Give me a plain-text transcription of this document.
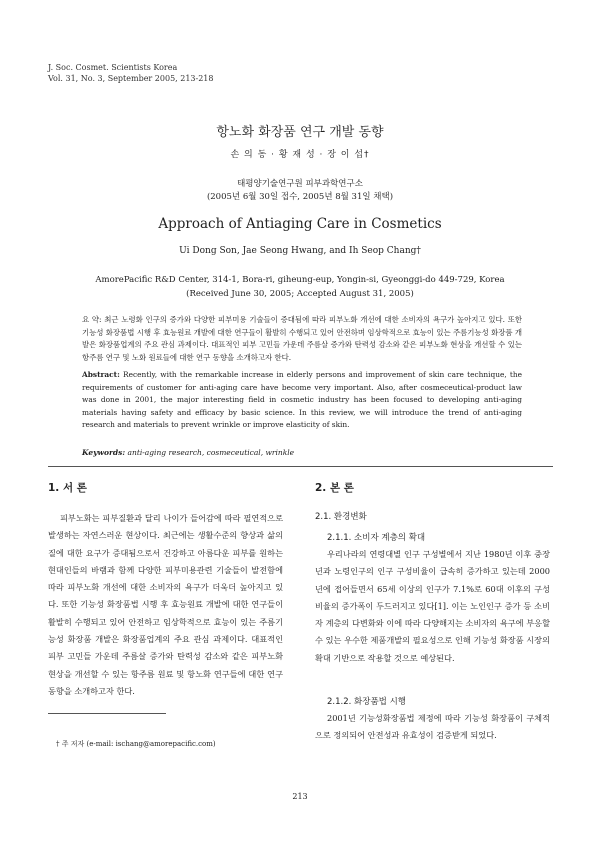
J. Soc. Cosmet. Scientists Korea
Vol. 31, No. 3, September 2005, 213-218
항노화 화장품 연구 개발 동향
손 의 동 · 황 재 성 · 장 이 섭†
태평양기술연구원 피부과학연구소
(2005년 6월 30일 접수, 2005년 8월 31일 채택)
Approach of Antiaging Care in Cosmetics
Ui Dong Son, Jae Seong Hwang, and Ih Seop Chang†
AmorePacific R&D Center, 314-1, Bora-ri, giheung-eup, Yongin-si, Gyeonggi-do 449-729, Korea
(Received June 30, 2005; Accepted August 31, 2005)
요 약: 최근 노령화 인구의 증가와 다양한 피부미용 기술들이 증대됨에 따라 피부노화 개선에 대한 소비자의 욕구가 높아지고 있다. 또한 기능성 화장품법 시행 후 효능원료 개발에 대한 연구들이 활발히 수행되고 있어 안전하며 임상학적으로 효능이 있는 주름기능성 화장품 개발은 화장품업계의 주요 관심 과제이다. 대표적인 피부 고민들 가운데 주름살 증가와 탄력성 감소와 같은 피부노화 현상을 개선할 수 있는 항주름 연구 및 노화 원료들에 대한 연구 동향을 소개하고자 한다.
Abstract: Recently, with the remarkable increase in elderly persons and improvement of skin care technique, the requirements of customer for anti-aging care have become very important. Also, after cosmeceutical-product law was done in 2001, the major interesting field in cosmetic industry has been focused to developing anti-aging materials having safety and efficacy by basic science. In this review, we will introduce the trend of anti-aging research and materials to prevent wrinkle or improve elasticity of skin.
Keywords: anti-aging research, cosmeceutical, wrinkle
1. 서 론

피부노화는 피부질환과 달리 나이가 들어감에 따라 필연적으로 발생하는 자연스러운 현상이다. 최근에는 생활수준의 향상과 삶의 질에 대한 요구가 증대됨으로서 건강하고 아름다운 피부를 원하는 현대인들의 바램과 함께 다양한 피부미용관련 기술들이 발전함에 따라 피부노화 개선에 대한 소비자의 욕구가 더욱더 높아지고 있다. 또한 기능성 화장품법 시행 후 효능원료 개발에 대한 연구들이 활발히 수행되고 있어 안전하고 임상학적으로 효능이 있는 주름기능성 화장품 개발은 화장품업계의 주요 관심 과제이다. 대표적인 피부 고민들 가운데 주름살 증가와 탄력성 감소와 같은 피부노화 현상을 개선할 수 있는 항주름 원료 및 항노화 연구들에 대한 연구 동향을 소개하고자 한다.

2. 본 론
2.1. 환경변화
2.1.1. 소비자 계층의 확대

우리나라의 연령대별 인구 구성별에서 지난 1980년 이후 중장년과 노령인구의 인구 구성비율이 급속히 증가하고 있는데 2000년에 접어들면서 65세 이상의 인구가 7.1%로 60대 이후의 구성비율의 증가폭이 두드러지고 있다[1]. 이는 노인인구 증가 등 소비자 계층의 다변화와 이에 따라 다양해지는 소비자의 욕구에 부응할 수 있는 우수한 제품개발의 필요성으로 인해 기능성 화장품 시장의 확대 기반으로 작용할 것으로 예상된다.

2.1.2. 화장품법 시행

2001년 기능성화장품법 제정에 따라 기능성 화장품이 구체적으로 정의되어 안전성과 유효성이 검증받게 되었다.

† 주 저자 (e-mail: ischang@amorepacific.com)
213
